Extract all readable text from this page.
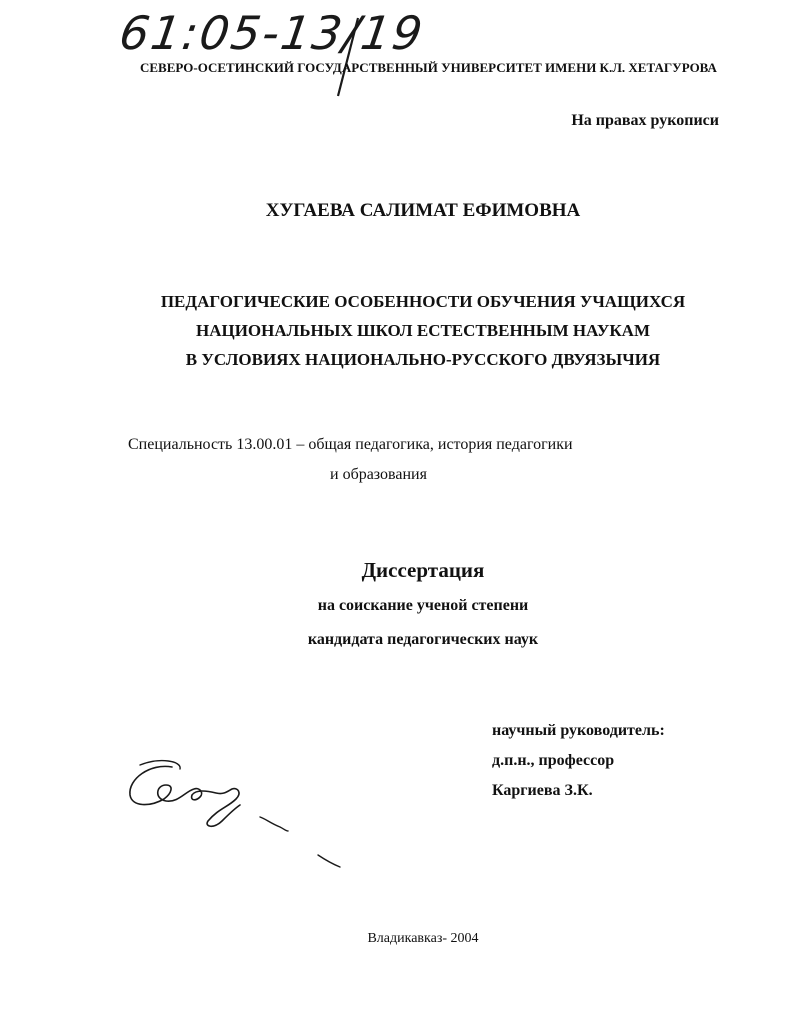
61:05-13/19
СЕВЕРО-ОСЕТИНСКИЙ ГОСУДАРСТВЕННЫЙ УНИВЕРСИТЕТ ИМЕНИ К.Л. ХЕТАГУРОВА
На правах рукописи
ХУГАЕВА САЛИМАТ ЕФИМОВНА
ПЕДАГОГИЧЕСКИЕ ОСОБЕННОСТИ ОБУЧЕНИЯ УЧАЩИХСЯ
НАЦИОНАЛЬНЫХ ШКОЛ ЕСТЕСТВЕННЫМ НАУКАМ
В УСЛОВИЯХ НАЦИОНАЛЬНО-РУССКОГО ДВУЯЗЫЧИЯ
Специальность 13.00.01 – общая педагогика, история педагогики
и образования
Диссертация
на соискание ученой степени
кандидата педагогических наук
научный руководитель:
д.п.н., профессор
Каргиева З.К.
Владикавказ- 2004
